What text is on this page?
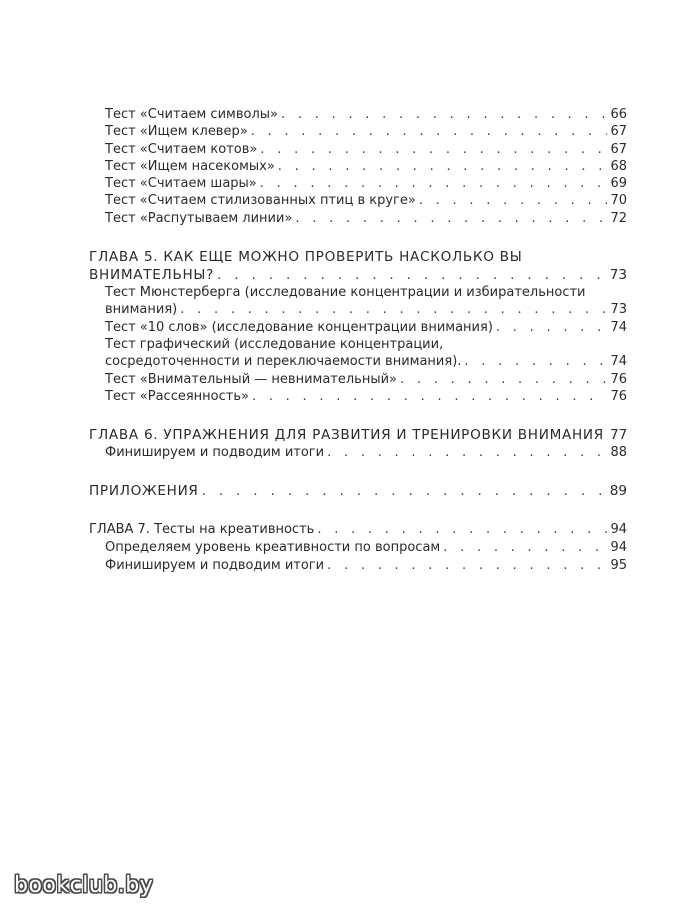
Тест «Считаем символы» . . .	66
Тест «Ищем клевер» . . .	67
Тест «Считаем котов» . . .	67
Тест «Ищем насекомых» . . .	68
Тест «Считаем шары» . . .	69
Тест «Считаем стилизованных птиц в круге» . . .	70
Тест «Распутываем линии» . . .	72
ГЛАВА 5. КАК ЕЩЕ МОЖНО ПРОВЕРИТЬ НАСКОЛЬКО ВЫ
ВНИМАТЕЛЬНЫ? . . .	73
Тест Мюнстерберга (исследование концентрации и избирательности
внимания) . . .	73
Тест «10 слов» (исследование концентрации внимания) . . .	74
Тест графический (исследование концентрации,
сосредоточенности и переключаемости внимания). . . .	74
Тест «Внимательный — невнимательный» . . .	76
Тест «Рассеянность» . . .	76
ГЛАВА 6. УПРАЖНЕНИЯ ДЛЯ РАЗВИТИЯ И ТРЕНИРОВКИ ВНИМАНИЯ 77
Финишируем и подводим итоги . . .	88
ПРИЛОЖЕНИЯ . . .	89
ГЛАВА 7. Тесты на креативность . . .	94
Определяем уровень креативности по вопросам . . .	94
Финишируем и подводим итоги . . .	95
bookclub.by
